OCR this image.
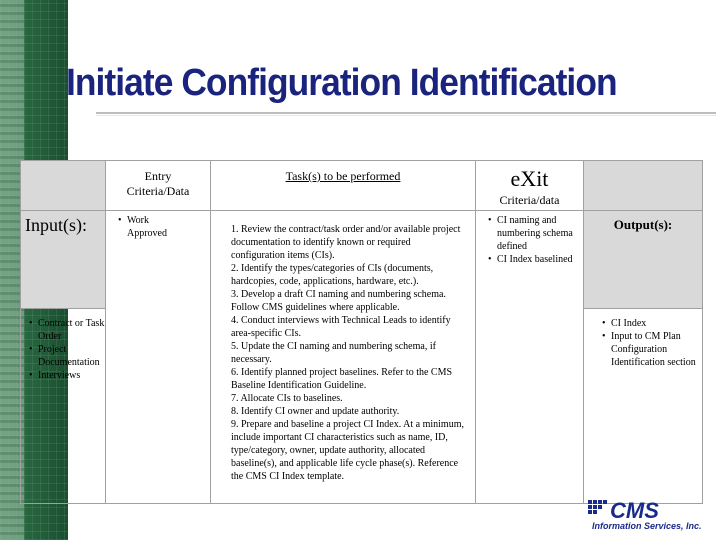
Initiate Configuration Identification
Input(s):
• Contract or Task Order
• Project Documentation
• Interviews
Entry Criteria/Data
• Work Approved
Task(s) to be performed
1. Review the contract/task order and/or available project documentation to identify known or required configuration items (CIs).
2. Identify the types/categories of CIs (documents, hardcopies, code, applications, hardware, etc.).
3. Develop a draft CI naming and numbering schema. Follow CMS guidelines where applicable.
4. Conduct interviews with Technical Leads to identify area-specific CIs.
5. Update the CI naming and numbering schema, if necessary.
6. Identify planned project baselines. Refer to the CMS Baseline Identification Guideline.
7. Allocate CIs to baselines.
8. Identify CI owner and update authority.
9. Prepare and baseline a project CI Index. At a minimum, include important CI characteristics such as name, ID, type/category, owner, update authority, allocated baseline(s), and applicable life cycle phase(s). Reference the CMS CI Index template.
eXit
Criteria/data
• CI naming and numbering schema defined
• CI Index baselined
Output(s):
• CI Index
• Input to CM Plan Configuration Identification section
CMS
Information Services, Inc.
